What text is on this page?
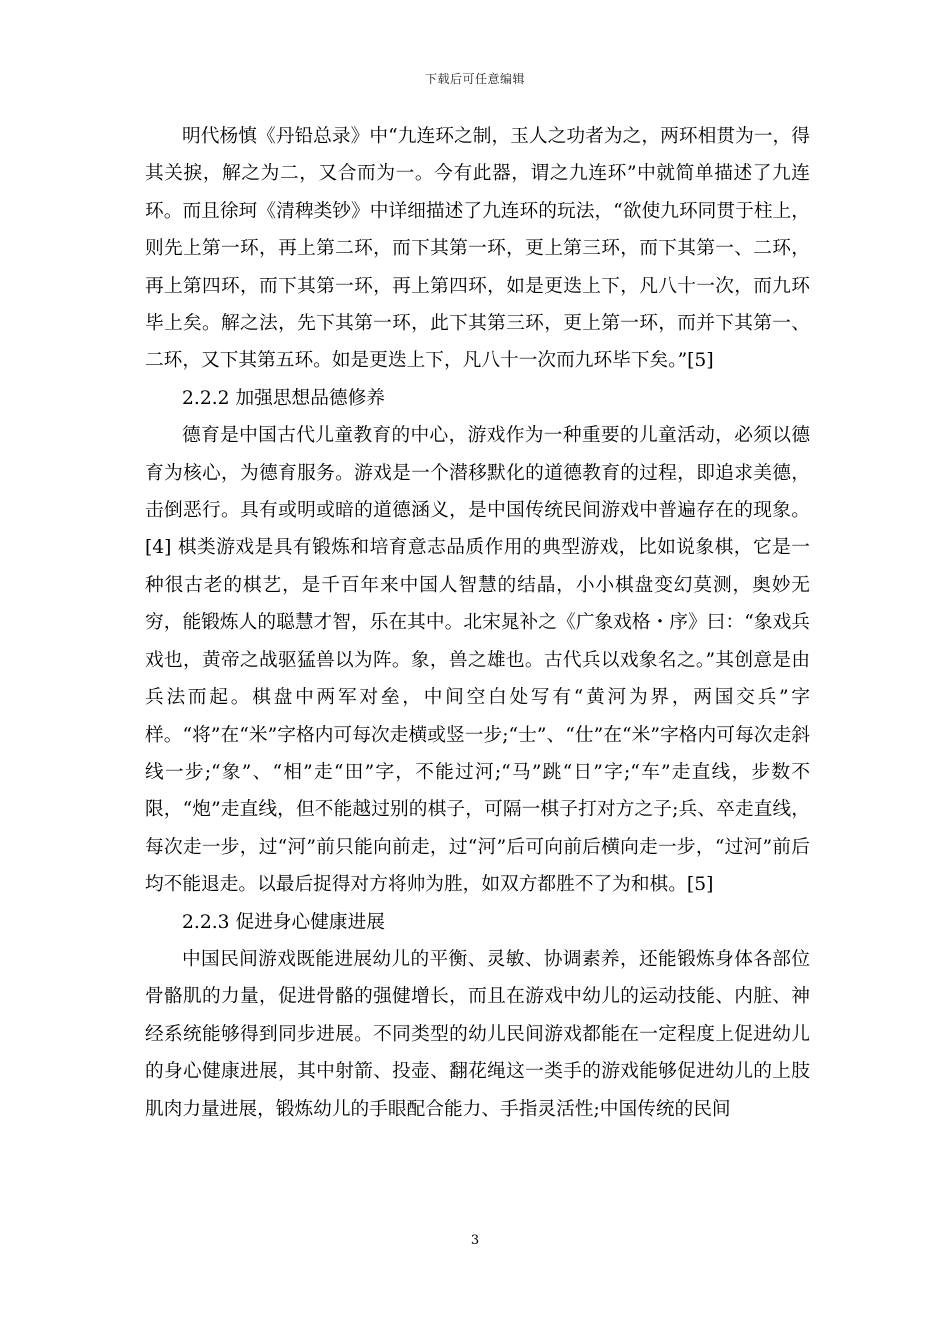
下载后可任意编辑

明代杨慎《丹铅总录》中“九连环之制，玉人之功者为之，两环相贯为一，得其关捩，解之为二，又合而为一。今有此器，谓之九连环”中就简单描述了九连环。而且徐珂《清稗类钞》中详细描述了九连环的玩法，“欲使九环同贯于柱上，则先上第一环，再上第二环，而下其第一环，更上第三环，而下其第一、二环，再上第四环，而下其第一环，再上第四环，如是更迭上下，凡八十一次，而九环毕上矣。解之法，先下其第一环，此下其第三环，更上第一环，而并下其第一、二环，又下其第五环。如是更迭上下，凡八十一次而九环毕下矣。”[5]

2.2.2 加强思想品德修养

德育是中国古代儿童教育的中心，游戏作为一种重要的儿童活动，必须以德育为核心，为德育服务。游戏是一个潜移默化的道德教育的过程，即追求美德，击倒恶行。具有或明或暗的道德涵义，是中国传统民间游戏中普遍存在的现象。[4] 棋类游戏是具有锻炼和培育意志品质作用的典型游戏，比如说象棋，它是一种很古老的棋艺，是千百年来中国人智慧的结晶，小小棋盘变幻莫测，奥妙无穷，能锻炼人的聪慧才智，乐在其中。北宋晁补之《广象戏格・序》曰：“象戏兵戏也，黄帝之战驱猛兽以为阵。象，兽之雄也。古代兵以戏象名之。”其创意是由兵法而起。棋盘中两军对垒，中间空白处写有“黄河为界，两国交兵”字样。“将”在“米”字格内可每次走横或竖一步;“士”、“仕”在“米”字格内可每次走斜线一步;“象”、“相”走“田”字，不能过河;“马”跳“日”字;“车”走直线，步数不限，“炮”走直线，但不能越过别的棋子，可隔一棋子打对方之子;兵、卒走直线，每次走一步，过“河”前只能向前走，过“河”后可向前后横向走一步，“过河”前后均不能退走。以最后捉得对方将帅为胜，如双方都胜不了为和棋。[5]

2.2.3 促进身心健康进展

中国民间游戏既能进展幼儿的平衡、灵敏、协调素养，还能锻炼身体各部位骨骼肌的力量，促进骨骼的强健增长，而且在游戏中幼儿的运动技能、内脏、神经系统能够得到同步进展。不同类型的幼儿民间游戏都能在一定程度上促进幼儿的身心健康进展，其中射箭、投壶、翻花绳这一类手的游戏能够促进幼儿的上肢肌肉力量进展，锻炼幼儿的手眼配合能力、手指灵活性;中国传统的民间

3
